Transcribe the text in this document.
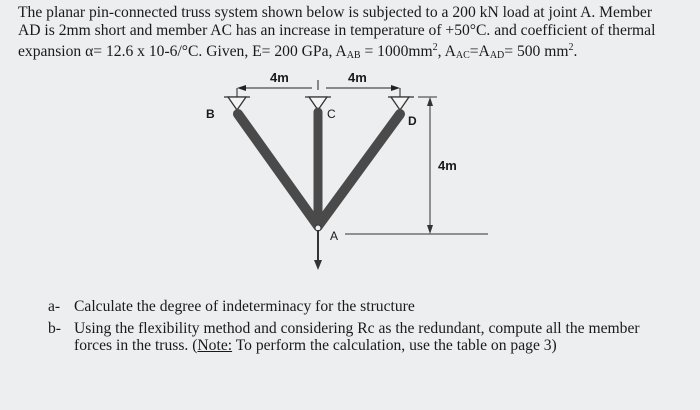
The planar pin-connected truss system shown below is subjected to a 200 kN load at joint A. Member
AD is 2mm short and member AC has an increase in temperature of +50°C. and coefficient of thermal
expansion α= 12.6 x 10-6/°C. Given, E= 200 GPa, $A_{AB} = 1000mm^2$, $A_{AC}=A_{AD}= 500$ $mm^2$.
4m	4m
B	C	D
A
4m
a- Calculate the degree of indeterminacy for the structure
b- Using the flexibility method and considering Rc as the redundant, compute all the member forces in the truss. (Note: To perform the calculation, use the table on page 3)
